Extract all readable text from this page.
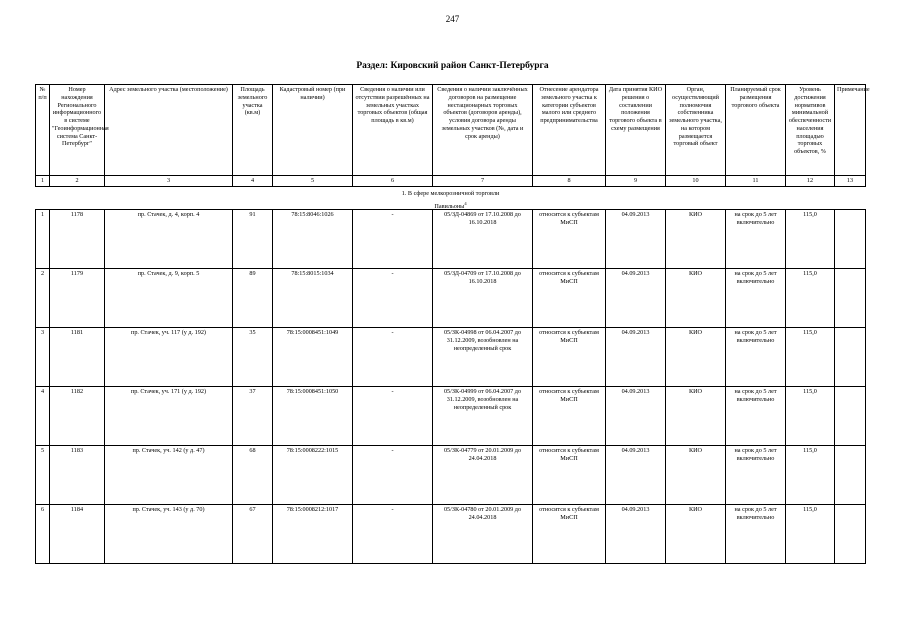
247
Раздел: Кировский район Санкт-Петербурга
№ п/п	Номер нахождения Регионального информационного в системе "Геоинформационная система Санкт-Петербург"	Адрес земельного участка (местоположение)	Площадь земельного участка (кв.м)	Кадастровый номер (при наличии)	Сведения о наличии или отсутствии разрешённых на земельных участках торговых объектов (общая площадь в кв.м)	Сведения о наличии заключённых договоров на размещение нестационарных торговых объектов (договоров аренды), условия договора аренды земельных участков (№, дата и срок аренды)	Отнесение арендатора земельного участка к категории субъектов малого или среднего предпринимательства	Дата принятия КИО решения о составлении положения торгового объекта в схему размещения	Орган, осуществляющий полномочия собственника земельного участка, на котором размещается торговый объект	Планируемый срок размещения торгового объекта	Уровень достижения нормативов минимальной обеспеченности населения площадью торговых объектов, %	Примечание
1	2	3	4	5	6	7	8	9	10	11	12	13

1. В сфере мелкорозничной торговли
Павильоны$^4$

1	1178	пр. Стачек, д. 4, корп. 4	91	78:15:8046:1026	-	05/ЗД-04869 от 17.10.2008 до 16.10.2018	относится к субъектам МиСП	04.09.2013	КИО	на срок до 5 лет включительно	115,0	
2	1179	пр. Стачек, д. 9, корп. 5	89	78:15:8015:1034	-	05/ЗД-04709 от 17.10.2008 до 16.10.2018	относится к субъектам МиСП	04.09.2013	КИО	на срок до 5 лет включительно	115,0	
3	1181	пр. Стачек, уч. 117 (у д. 192)	35	78:15:0008451:1049	-	05/ЗК-04998 от 06.04.2007 до 31.12.2009, возобновлен на неопределенный срок	относится к субъектам МиСП	04.09.2013	КИО	на срок до 5 лет включительно	115,0	
4	1182	пр. Стачек, уч. 171 (у д. 192)	37	78:15:0008451:1050	-	05/ЗК-04999 от 06.04.2007 до 31.12.2009, возобновлен на неопределенный срок	относится к субъектам МиСП	04.09.2013	КИО	на срок до 5 лет включительно	115,0	
5	1183	пр. Стачек, уч. 142 (у д. 47)	68	78:15:0008222:1015	-	05/ЗК-04779 от 20.01.2009 до 24.04.2018	относится к субъектам МиСП	04.09.2013	КИО	на срок до 5 лет включительно	115,0	
6	1184	пр. Стачек, уч. 143 (у д. 70)	67	78:15:0008212:1017	-	05/ЗК-04780 от 20.01.2009 до 24.04.2018	относится к субъектам МиСП	04.09.2013	КИО	на срок до 5 лет включительно	115,0	
